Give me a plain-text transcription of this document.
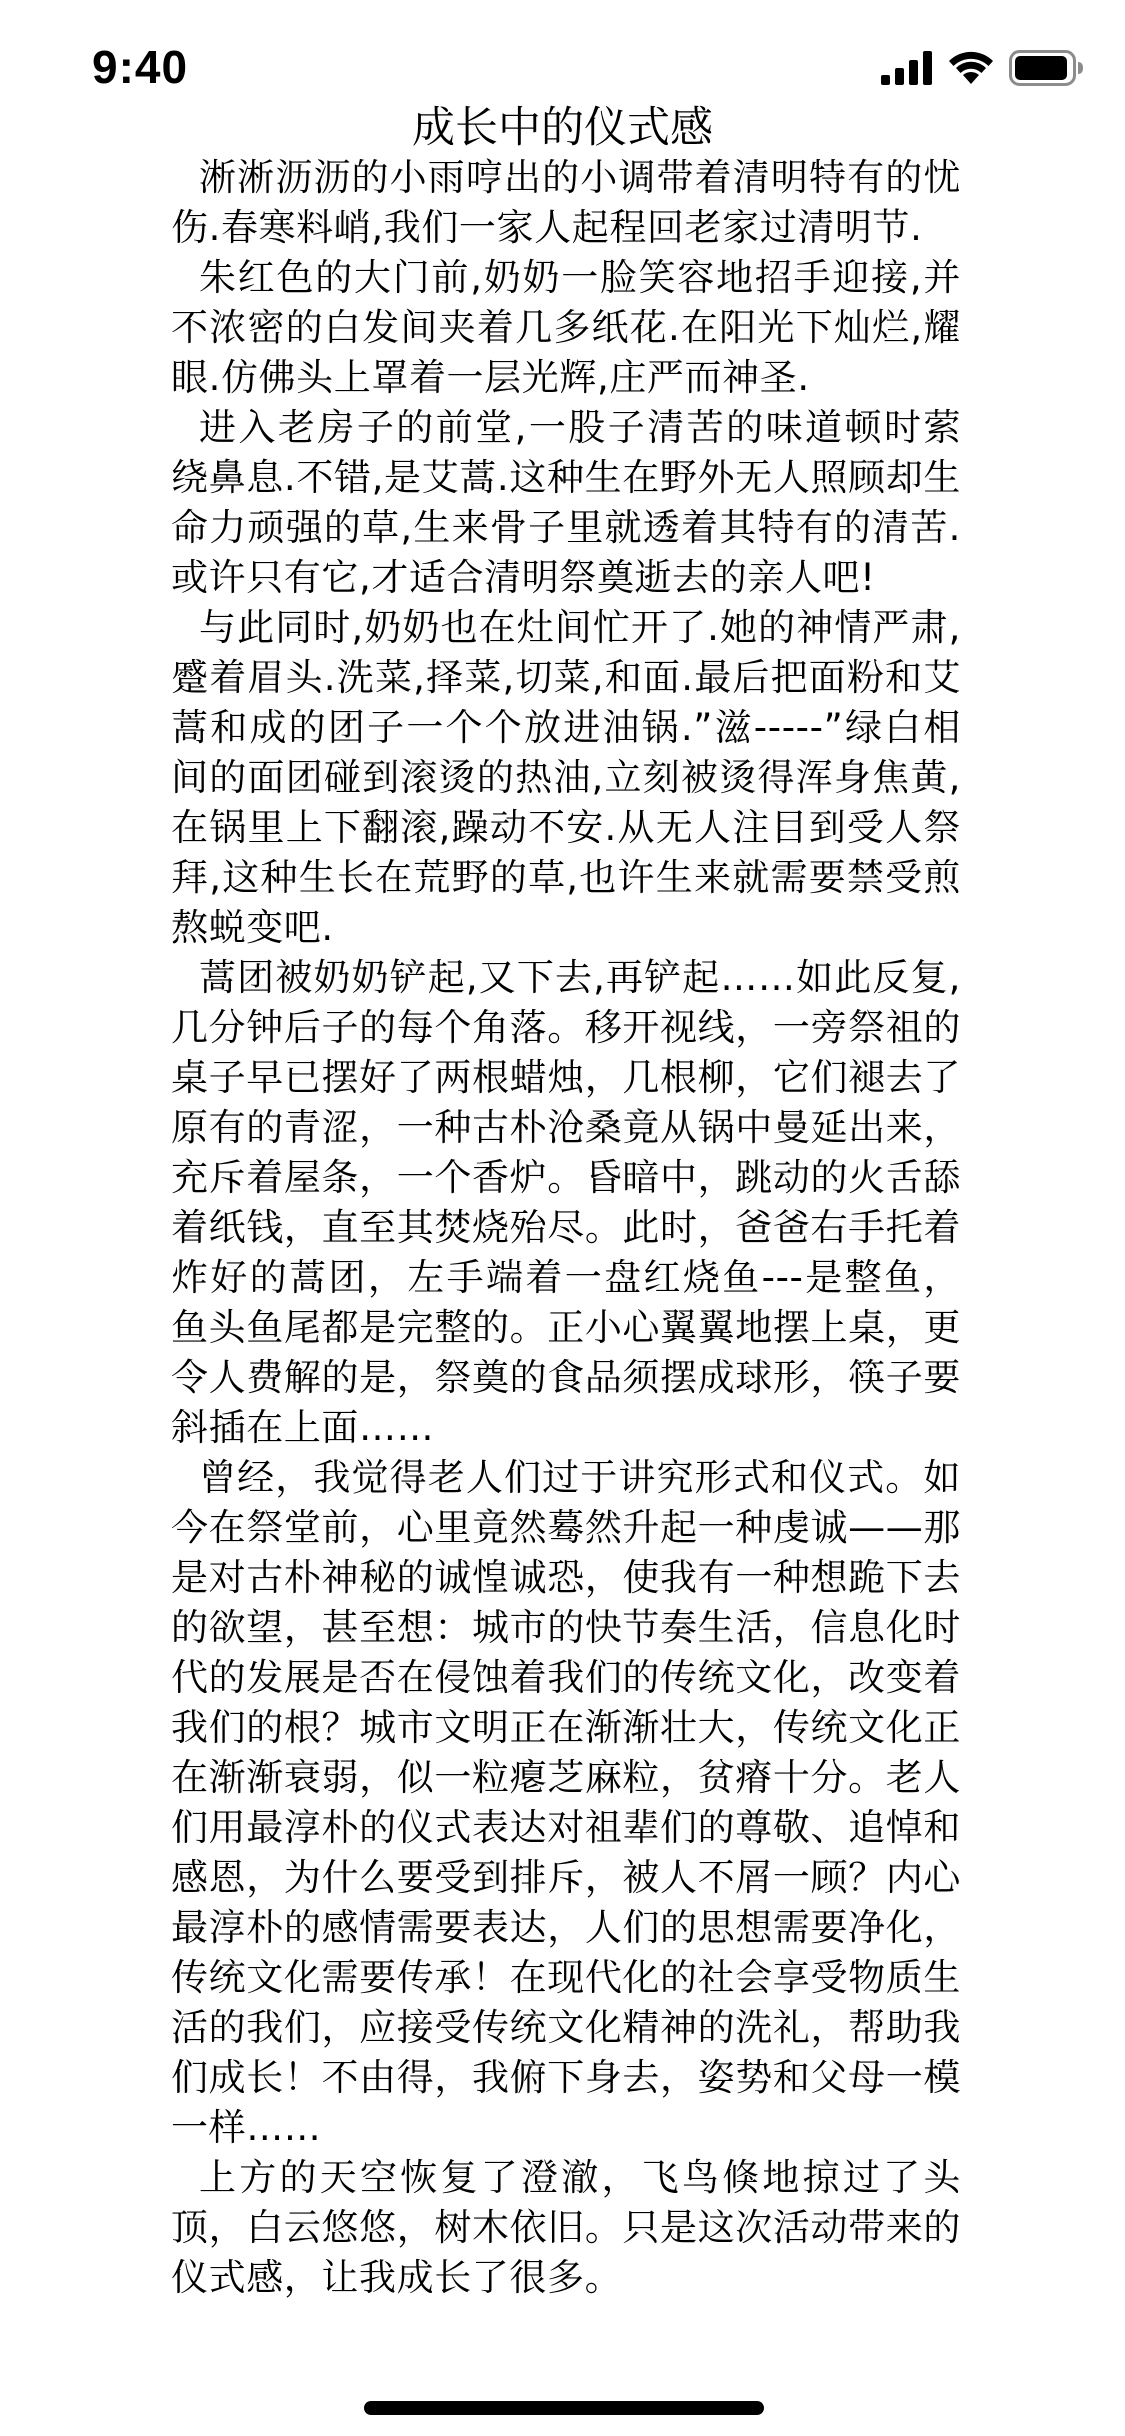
9:40
成长中的仪式感

淅淅沥沥的小雨哼出的小调带着清明特有的忧伤.春寒料峭,我们一家人起程回老家过清明节.

朱红色的大门前,奶奶一脸笑容地招手迎接,并不浓密的白发间夹着几多纸花.在阳光下灿烂,耀眼.仿佛头上罩着一层光辉,庄严而神圣.

进入老房子的前堂,一股子清苦的味道顿时萦绕鼻息.不错,是艾蒿.这种生在野外无人照顾却生命力顽强的草,生来骨子里就透着其特有的清苦.或许只有它,才适合清明祭奠逝去的亲人吧!

与此同时,奶奶也在灶间忙开了.她的神情严肃,蹙着眉头.洗菜,择菜,切菜,和面.最后把面粉和艾蒿和成的团子一个个放进油锅.”滋-----”绿白相间的面团碰到滚烫的热油,立刻被烫得浑身焦黄,在锅里上下翻滚,躁动不安.从无人注目到受人祭拜,这种生长在荒野的草,也许生来就需要禁受煎熬蜕变吧.

蒿团被奶奶铲起,又下去,再铲起……如此反复,几分钟后子的每个角落。移开视线，一旁祭祖的桌子早已摆好了两根蜡烛，几根柳，它们褪去了原有的青涩，一种古朴沧桑竟从锅中曼延出来，充斥着屋条，一个香炉。昏暗中，跳动的火舌舔着纸钱，直至其焚烧殆尽。此时，爸爸右手托着炸好的蒿团，左手端着一盘红烧鱼---是整鱼，鱼头鱼尾都是完整的。正小心翼翼地摆上桌，更令人费解的是，祭奠的食品须摆成球形，筷子要斜插在上面……

曾经，我觉得老人们过于讲究形式和仪式。如今在祭堂前，心里竟然蓦然升起一种虔诚——那是对古朴神秘的诚惶诚恐，使我有一种想跪下去的欲望，甚至想：城市的快节奏生活，信息化时代的发展是否在侵蚀着我们的传统文化，改变着我们的根？城市文明正在渐渐壮大，传统文化正在渐渐衰弱，似一粒瘪芝麻粒，贫瘠十分。老人们用最淳朴的仪式表达对祖辈们的尊敬、追悼和感恩，为什么要受到排斥，被人不屑一顾？内心最淳朴的感情需要表达，人们的思想需要净化，传统文化需要传承！在现代化的社会享受物质生活的我们，应接受传统文化精神的洗礼，帮助我们成长！不由得，我俯下身去，姿势和父母一模一样……

上方的天空恢复了澄澈，飞鸟倏地掠过了头顶，白云悠悠，树木依旧。只是这次活动带来的仪式感，让我成长了很多。
